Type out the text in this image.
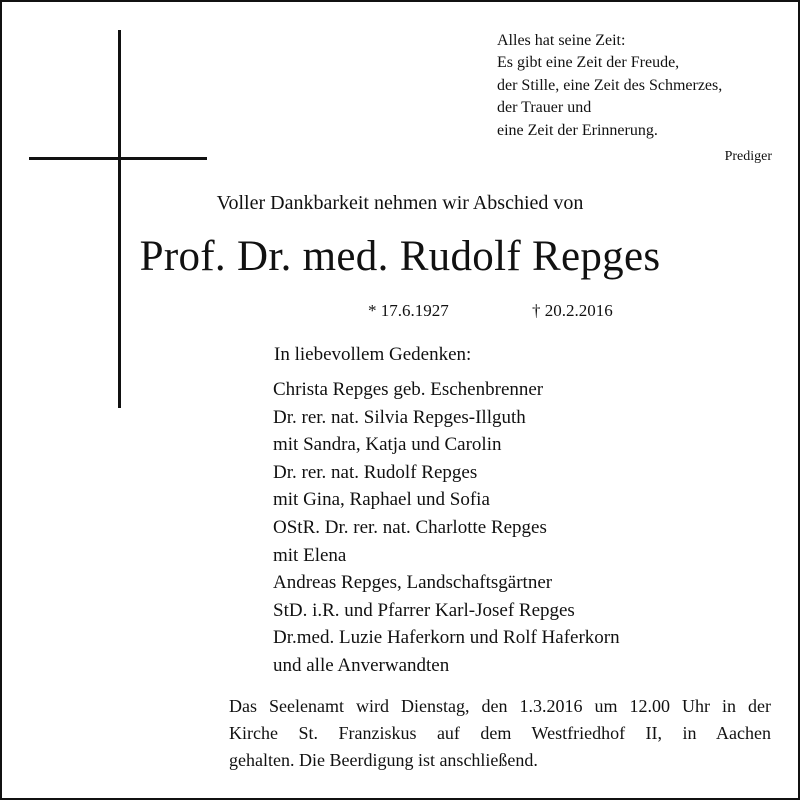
Alles hat seine Zeit:
Es gibt eine Zeit der Freude,
der Stille, eine Zeit des Schmerzes,
der Trauer und
eine Zeit der Erinnerung.
Prediger
Voller Dankbarkeit nehmen wir Abschied von
Prof. Dr. med. Rudolf Repges
* 17.6.1927	† 20.2.2016
In liebevollem Gedenken:
Christa Repges geb. Eschenbrenner
Dr. rer. nat. Silvia Repges-Illguth
mit Sandra, Katja und Carolin
Dr. rer. nat. Rudolf Repges
mit Gina, Raphael und Sofia
OStR. Dr. rer. nat. Charlotte Repges
mit Elena
Andreas Repges, Landschaftsgärtner
StD. i.R. und Pfarrer Karl-Josef Repges
Dr.med. Luzie Haferkorn und Rolf Haferkorn
und alle Anverwandten
Das Seelenamt wird Dienstag, den 1.3.2016 um 12.00 Uhr in der
Kirche St. Franziskus auf dem Westfriedhof II, in Aachen
gehalten. Die Beerdigung ist anschließend.
